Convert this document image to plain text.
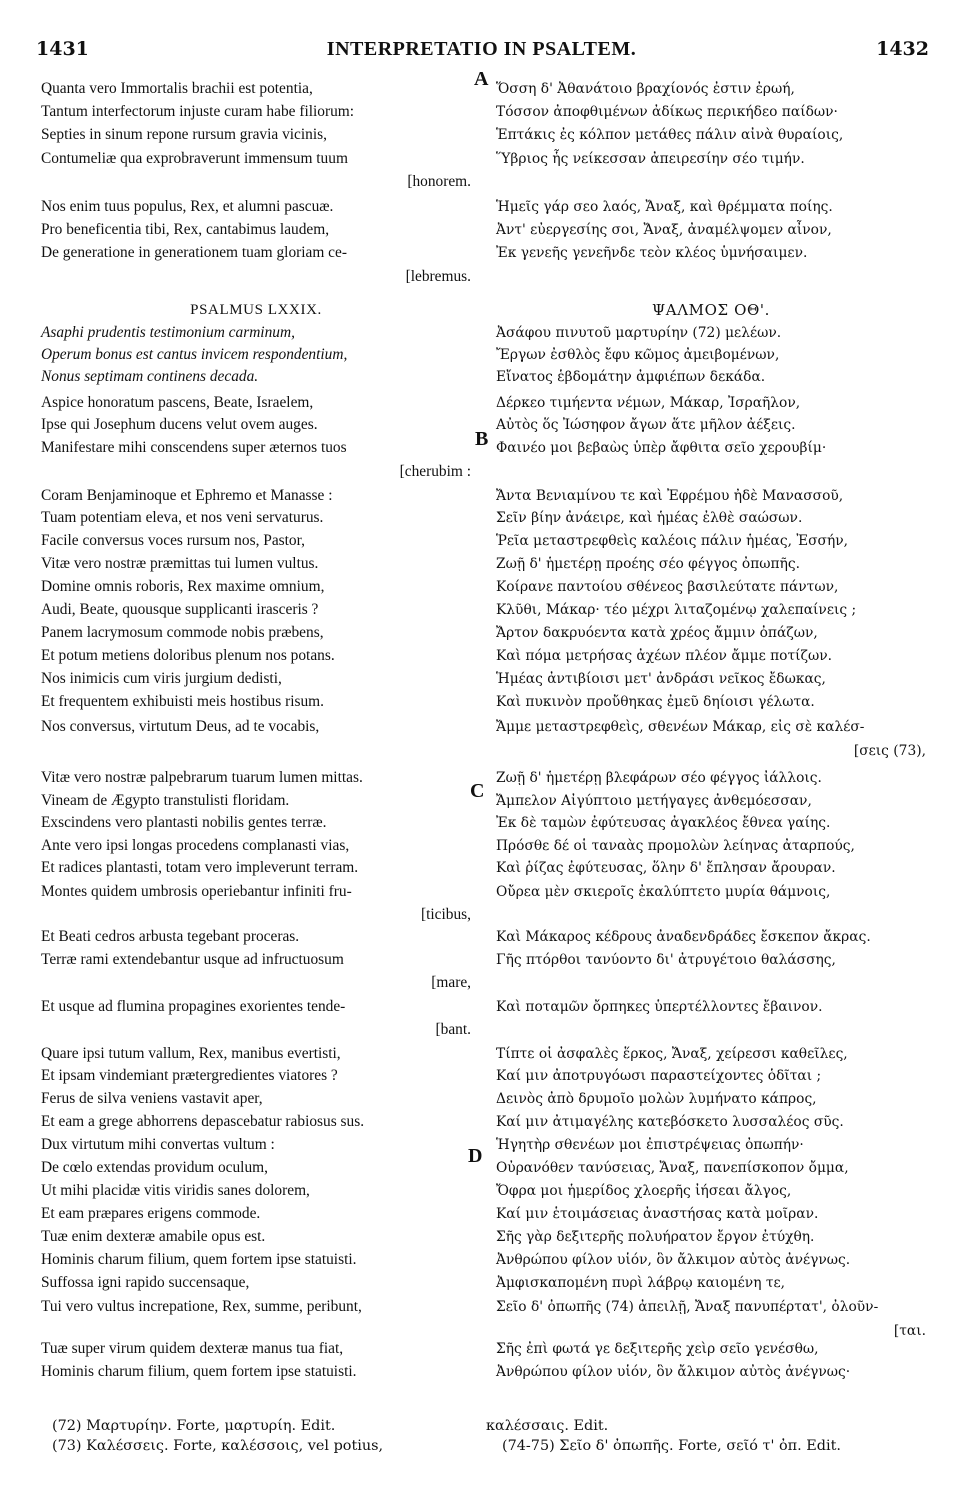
1431	INTERPRETATIO IN PSALTEM.	1432
Quanta vero Immortalis brachii est potentia,
Tantum interfectorum injuste curam habe filiorum:
Septies in sinum repone rursum gravia vicinis,
Contumeliæ qua exprobraverunt immensum tuum
[honorem.
Nos enim tuus populus, Rex, et alumni pascuæ.
Pro beneficentia tibi, Rex, cantabimus laudem,
De generatione in generationem tuam gloriam ce-
[lebremus.
PSALMUS LXXIX.
Asaphi prudentis testimonium carminum,
Operum bonus est cantus invicem respondentium,
Nonus septimam continens decada.
Aspice honoratum pascens, Beate, Israelem,
Ipse qui Josephum ducens velut ovem auges.
Manifestare mihi conscendens super æternos tuos
[cherubim :
Coram Benjaminoque et Ephremo et Manasse :
Tuam potentiam eleva, et nos veni servaturus.
Facile conversus voces rursum nos, Pastor,
Vitæ vero nostræ præmittas tui lumen vultus.
Domine omnis roboris, Rex maxime omnium,
Audi, Beate, quousque supplicanti irasceris ?
Panem lacrymosum commode nobis præbens,
Et potum metiens doloribus plenum nos potans.
Nos inimicis cum viris jurgium dedisti,
Et frequentem exhibuisti meis hostibus risum.
Nos conversus, virtutum Deus, ad te vocabis,
Vitæ vero nostræ palpebrarum tuarum lumen mittas.
Vineam de Ægypto transtulisti floridam.
Exscindens vero plantasti nobilis gentes terræ.
Ante vero ipsi longas procedens complanasti vias,
Et radices plantasti, totam vero impleverunt terram.
Montes quidem umbrosis operiebantur infiniti fru-
[ticibus,
Et Beati cedros arbusta tegebant proceras.
Terræ rami extendebantur usque ad infructuosum
[mare,
Et usque ad flumina propagines exorientes tende-
[bant.
Quare ipsi tutum vallum, Rex, manibus evertisti,
Et ipsam vindemiant prætergredientes viatores ?
Ferus de silva veniens vastavit aper,
Et eam a grege abhorrens depascebatur rabiosus sus.
Dux virtutum mihi convertas vultum :
De cœlo extendas providum oculum,
Ut mihi placidæ vitis viridis sanes dolorem,
Et eam præpares erigens commode.
Tuæ enim dexteræ amabile opus est.
Hominis charum filium, quem fortem ipse statuisti.
Suffossa igni rapido succensaque,
Tui vero vultus increpatione, Rex, summe, peribunt,
Tuæ super virum quidem dexteræ manus tua fiat,
Hominis charum filium, quem fortem ipse statuisti.
Ὅσση δ' Ἀθανάτοιο βραχίονός ἐστιν ἐρωή,
Τόσσον ἀποφθιμένων ἀδίκως περικήδεο παίδων·
Ἑπτάκις ἐς κόλπον μετάθες πάλιν αἰνὰ θυραίοις,
Ὕβριος ἧς νείκεσσαν ἀπειρεσίην σέο τιμήν.
Ἡμεῖς γάρ σεο λαός, Ἄναξ, καὶ θρέμματα ποίης.
Ἀντ' εὐεργεσίης σοι, Ἄναξ, ἀναμέλψομεν αἶνον,
Ἐκ γενεῆς γενεῆνδε τεὸν κλέος ὑμνήσαιμεν.
ΨΑΛΜΟΣ ΟΘ'.
Ἀσάφου πινυτοῦ μαρτυρίην (72) μελέων.
Ἔργων ἐσθλὸς ἔφυ κῶμος ἀμειβομένων,
Εἴνατος ἑβδομάτην ἀμφιέπων δεκάδα.
Δέρκεο τιμήεντα νέμων, Μάκαρ, Ἰσραῆλον,
Αὐτὸς ὅς Ἰώσηφον ἄγων ἅτε μῆλον ἀέξεις.
Φαινέο μοι βεβαὼς ὑπὲρ ἄφθιτα σεῖο χερουβίμ·
Ἄντα Βενιαμίνου τε καὶ Ἐφρέμου ἠδὲ Μανασσοῦ,
Σεῖν βίην ἀνάειρε, καὶ ἡμέας ἐλθὲ σαώσων.
Ῥεῖα μεταστρεφθεὶς καλέοις πάλιν ἡμέας, Ἐσσήν,
Ζωῇ δ' ἡμετέρῃ προέης σέο φέγγος ὀπωπῆς.
Κοίρανε παντοίου σθένεος βασιλεύτατε πάντων,
Κλῦθι, Μάκαρ· τέο μέχρι λιταζομένῳ χαλεπαίνεις ;
Ἄρτον δακρυόεντα κατὰ χρέος ἄμμιν ὀπάζων,
Καὶ πόμα μετρήσας ἀχέων πλέον ἄμμε ποτίζων.
Ἡμέας ἀντιβίοισι μετ' ἀνδράσι νεῖκος ἔδωκας,
Καὶ πυκινὸν προὔθηκας ἐμεῦ δηίοισι γέλωτα.
Ἄμμε μεταστρεφθεὶς, σθενέων Μάκαρ, εἰς σὲ καλέσ-
[σεις (73),
Ζωῇ δ' ἡμετέρῃ βλεφάρων σέο φέγγος ἰάλλοις.
Ἄμπελον Αἰγύπτοιο μετήγαγες ἀνθεμόεσσαν,
Ἐκ δὲ ταμὼν ἐφύτευσας ἀγακλέος ἔθνεα γαίης.
Πρόσθε δέ οἱ ταναὰς προμολὼν λείηνας ἀταρπούς,
Καὶ ῥίζας ἐφύτευσας, ὅλην δ' ἔπλησαν ἄρουραν.
Οὔρεα μὲν σκιεροῖς ἐκαλύπτετο μυρία θάμνοις,
Καὶ Μάκαρος κέδρους ἀναδενδράδες ἔσκεπον ἄκρας.
Γῆς πτόρθοι τανύοντο δι' ἀτρυγέτοιο θαλάσσης,
Καὶ ποταμῶν ὄρπηκες ὑπερτέλλοντες ἔβαινον.
Τίπτε οἱ ἀσφαλὲς ἕρκος, Ἄναξ, χείρεσσι καθεῖλες,
Καί μιν ἀποτρυγόωσι παραστείχοντες ὁδῖται ;
Δεινὸς ἀπὸ δρυμοῖο μολὼν λυμήνατο κάπρος,
Καί μιν ἀτιμαγέλης κατεβόσκετο λυσσαλέος σῦς.
Ἡγητὴρ σθενέων μοι ἐπιστρέψειας ὀπωπήν·
Οὐρανόθεν τανύσειας, Ἄναξ, πανεπίσκοπον ὄμμα,
Ὄφρα μοι ἡμερίδος χλοερῆς ἰήσεαι ἄλγος,
Καί μιν ἑτοιμάσειας ἀναστήσας κατὰ μοῖραν.
Σῆς γὰρ δεξιτερῆς πολυήρατον ἔργον ἐτύχθη.
Ἀνθρώπου φίλον υἱόν, ὃν ἄλκιμον αὐτὸς ἀνέγνως.
Ἀμφισκαπομένη πυρὶ λάβρῳ καιομένη τε,
Σεῖο δ' ὀπωπῆς (74) ἀπειλῇ, Ἄναξ πανυπέρτατ', ὀλοῦν-
[ται.
Σῆς ἐπὶ φωτά γε δεξιτερῆς χεὶρ σεῖο γενέσθω,
Ἀνθρώπου φίλον υἱόν, ὃν ἄλκιμον αὐτὸς ἀνέγνως·
A
B
C
D
(72) Μαρτυρίην. Forte, μαρτυρίη. Edit.
(73) Καλέσσεις. Forte, καλέσσοις, vel potius,
καλέσσαις. Edit.
(74-75) Σεῖο δ' ὀπωπῆς. Forte, σεῖό τ' ὀπ. Edit.
